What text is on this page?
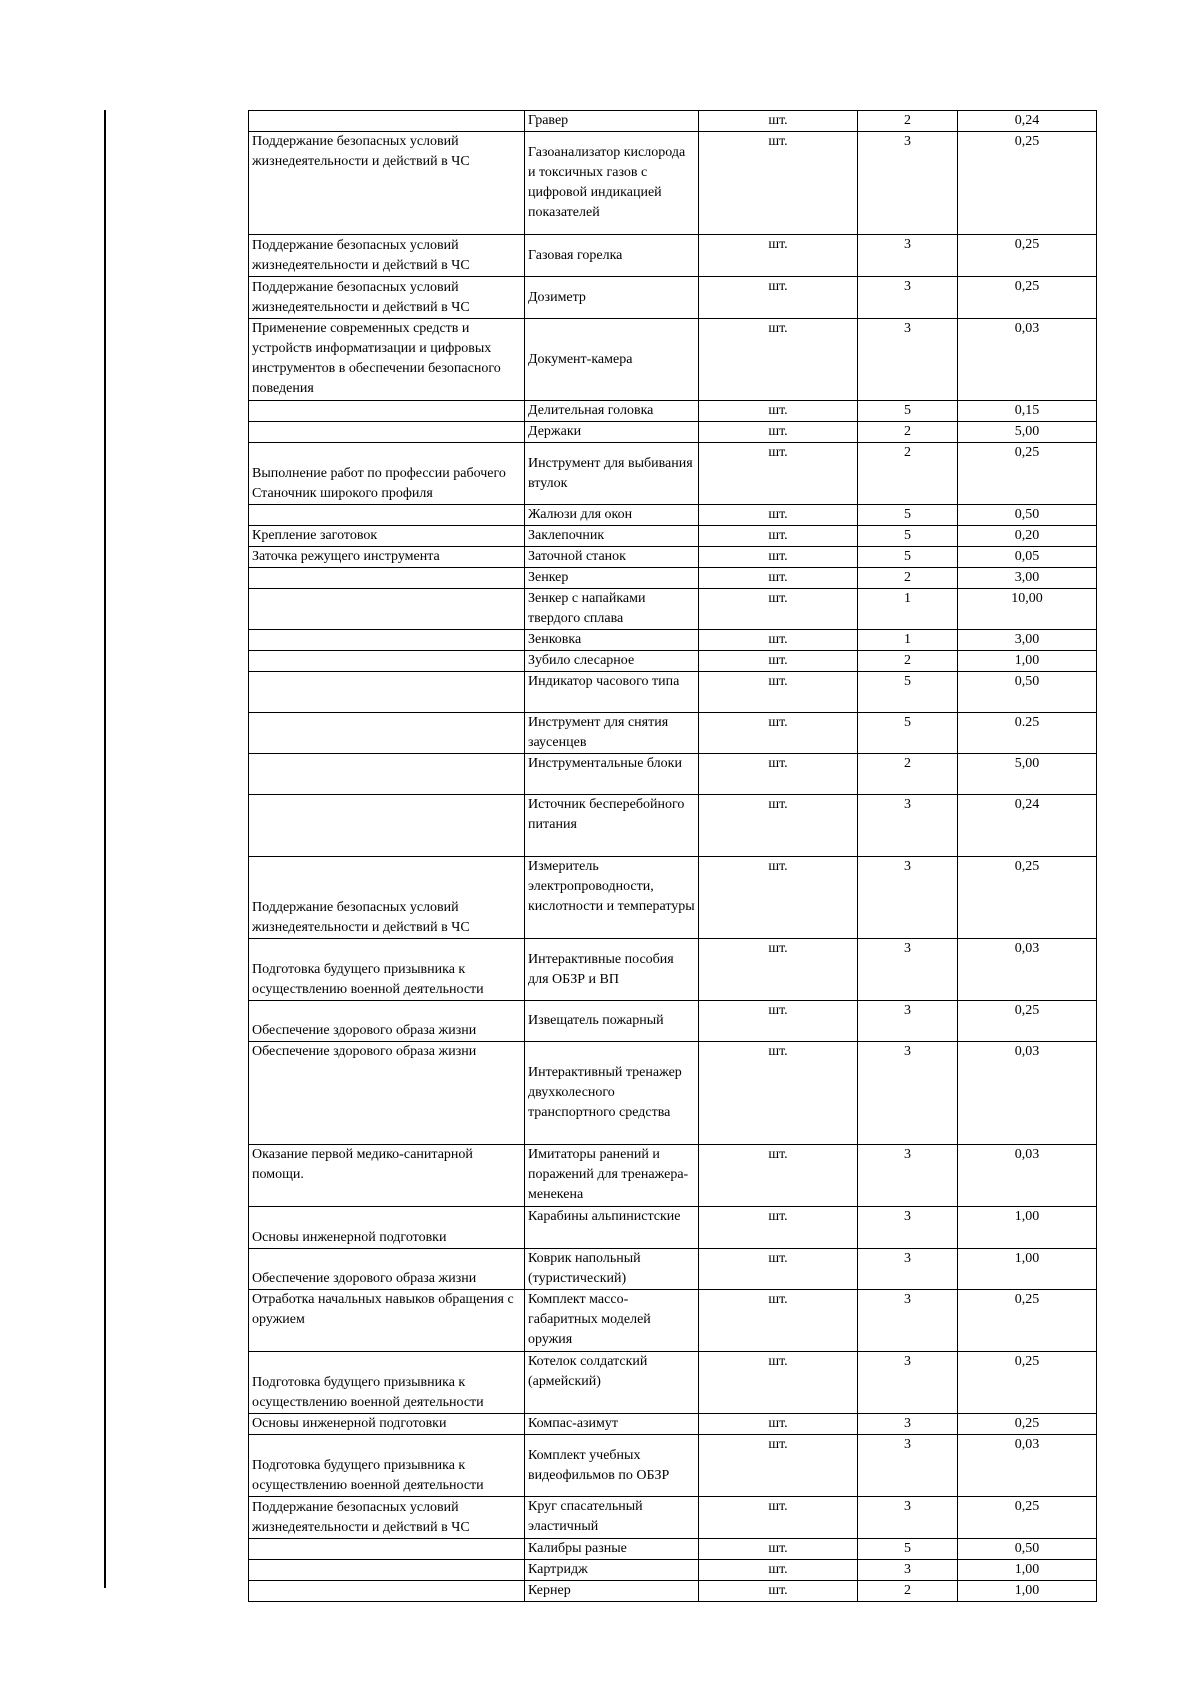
	Гравер	шт.	2	0,24
Поддержание безопасных условий жизнедеятельности и действий в ЧС	Газоанализатор кислорода и токсичных газов с цифровой индикацией показателей	шт.	3	0,25
Поддержание безопасных условий жизнедеятельности и действий в ЧС	Газовая горелка	шт.	3	0,25
Поддержание безопасных условий жизнедеятельности и действий в ЧС	Дозиметр	шт.	3	0,25
Применение современных средств и устройств информатизации и цифровых инструментов в обеспечении безопасного поведения	Документ-камера	шт.	3	0,03
	Делительная головка	шт.	5	0,15
	Держаки	шт.	2	5,00
Выполнение работ по профессии рабочего Станочник широкого профиля	Инструмент для выбивания втулок	шт.	2	0,25
	Жалюзи для окон	шт.	5	0,50
Крепление заготовок	Заклепочник	шт.	5	0,20
Заточка режущего инструмента	Заточной станок	шт.	5	0,05
	Зенкер	шт.	2	3,00
	Зенкер с напайками твердого сплава	шт.	1	10,00
	Зенковка	шт.	1	3,00
	Зубило слесарное	шт.	2	1,00
	Индикатор часового типа	шт.	5	0,50
	Инструмент для снятия заусенцев	шт.	5	0.25
	Инструментальные блоки	шт.	2	5,00
	Источник бесперебойного питания	шт.	3	0,24
Поддержание безопасных условий жизнедеятельности и действий в ЧС	Измеритель электропроводности, кислотности и температуры	шт.	3	0,25
Подготовка будущего призывника к осуществлению военной деятельности	Интерактивные пособия для ОБЗР и ВП	шт.	3	0,03
Обеспечение здорового образа жизни	Извещатель пожарный	шт.	3	0,25
Обеспечение здорового образа жизни	Интерактивный тренажер двухколесного транспортного средства	шт.	3	0,03
Оказание первой медико-санитарной помощи.	Имитаторы ранений и поражений для тренажера-менекена	шт.	3	0,03
Основы инженерной подготовки	Карабины альпинистские	шт.	3	1,00
Обеспечение здорового образа жизни	Коврик напольный (туристический)	шт.	3	1,00
Отработка начальных навыков обращения с оружием	Комплект массо-габаритных моделей оружия	шт.	3	0,25
Подготовка будущего призывника к осуществлению военной деятельности	Котелок солдатский (армейский)	шт.	3	0,25
Основы инженерной подготовки	Компас-азимут	шт.	3	0,25
Подготовка будущего призывника к осуществлению военной деятельности	Комплект учебных видеофильмов по ОБЗР	шт.	3	0,03
Поддержание безопасных условий жизнедеятельности и действий в ЧС	Круг спасательный эластичный	шт.	3	0,25
	Калибры разные	шт.	5	0,50
	Картридж	шт.	3	1,00
	Кернер	шт.	2	1,00
